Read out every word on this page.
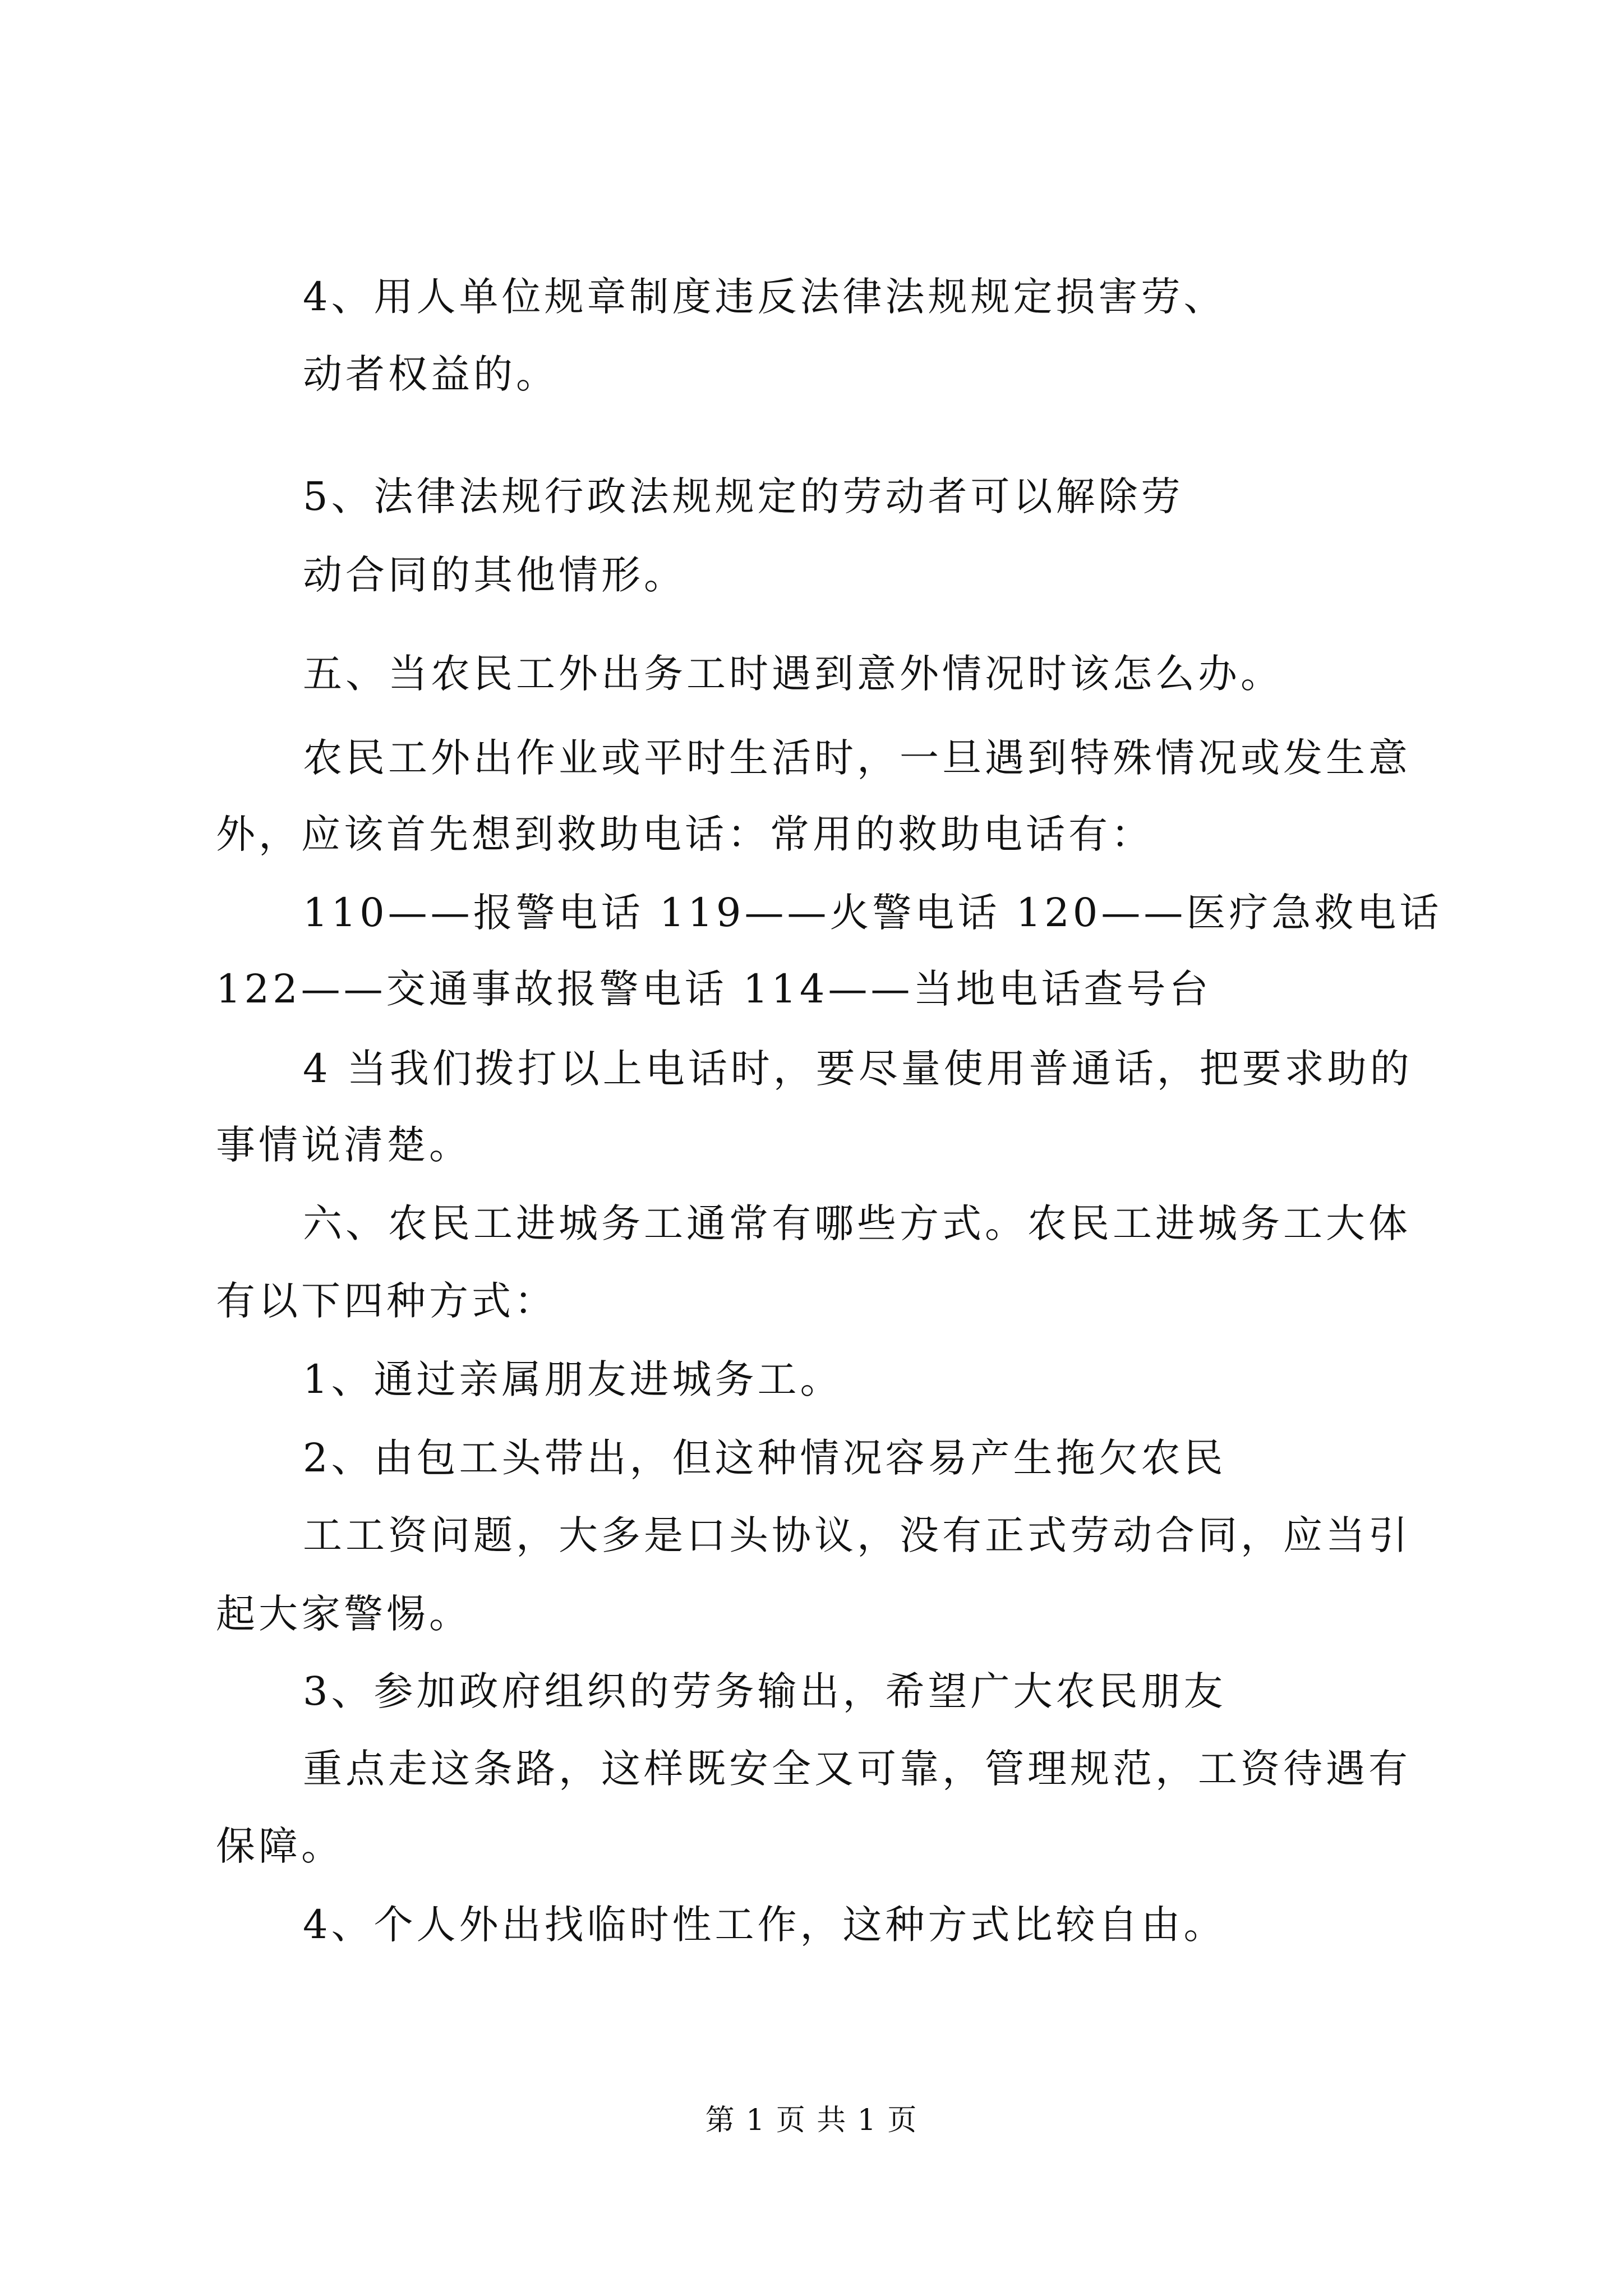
4、用人单位规章制度违反法律法规规定损害劳、
动者权益的。
5、法律法规行政法规规定的劳动者可以解除劳
动合同的其他情形。
五、当农民工外出务工时遇到意外情况时该怎么办。
农民工外出作业或平时生活时，一旦遇到特殊情况或发生意
外，应该首先想到救助电话：常用的救助电话有：
110——报警电话 119——火警电话 120——医疗急救电话
122——交通事故报警电话 114——当地电话查号台
4 当我们拨打以上电话时，要尽量使用普通话，把要求助的
事情说清楚。
六、农民工进城务工通常有哪些方式。农民工进城务工大体
有以下四种方式：
1、通过亲属朋友进城务工。
2、由包工头带出，但这种情况容易产生拖欠农民
工工资问题，大多是口头协议，没有正式劳动合同，应当引
起大家警惕。
3、参加政府组织的劳务输出，希望广大农民朋友
重点走这条路，这样既安全又可靠，管理规范，工资待遇有
保障。
4、个人外出找临时性工作，这种方式比较自由。
第 1 页 共 1 页
